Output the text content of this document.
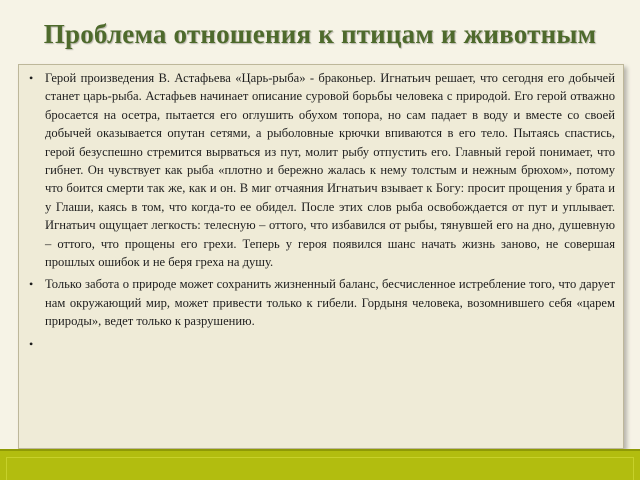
Проблема отношения к птицам и животным
• Герой произведения В. Астафьева «Царь-рыба» - браконьер. Игнатьич решает, что сегодня его добычей станет царь-рыба. Астафьев начинает описание суровой борьбы человека с природой. Его герой отважно бросается на осетра, пытается его оглушить обухом топора, но сам падает в воду и вместе со своей добычей оказывается опутан сетями, а рыболовные крючки впиваются в его тело. Пытаясь спастись, герой безуспешно стремится вырваться из пут, молит рыбу отпустить его. Главный герой понимает, что гибнет. Он чувствует как рыба «плотно и бережно жалась к нему толстым и нежным брюхом», потому что боится смерти так же, как и он. В миг отчаяния Игнатьич взывает к Богу: просит прощения у брата и у Глаши, каясь в том, что когда-то ее обидел. После этих слов рыба освобождается от пут и уплывает. Игнатьич ощущает легкость: телесную – оттого, что избавился от рыбы, тянувшей его на дно, душевную – оттого, что прощены его грехи. Теперь у героя появился шанс начать жизнь заново, не совершая прошлых ошибок и не беря греха на душу.
• Только забота о природе может сохранить жизненный баланс, бесчисленное истребление того, что дарует нам окружающий мир, может привести только к гибели. Гордыня человека, возомнившего себя «царем природы», ведет только к разрушению.
•
